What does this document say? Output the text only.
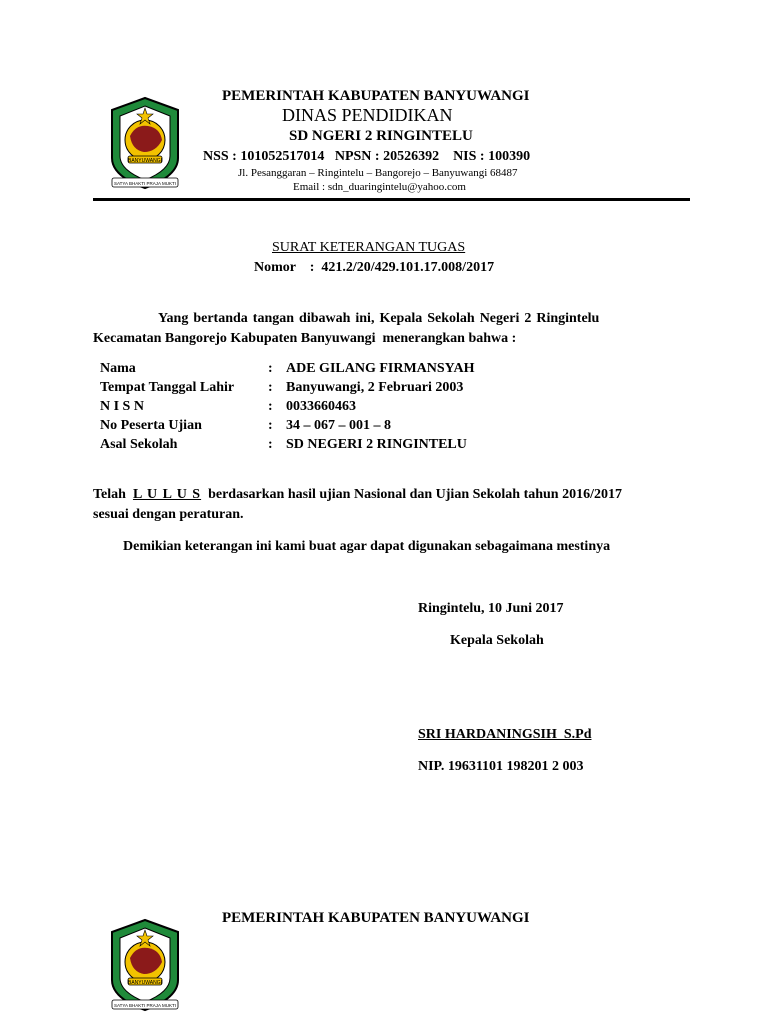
BANYUWANGI
SATYA BHAKTI PRAJA MUKTI
PEMERINTAH KABUPATEN BANYUWANGI
DINAS PENDIDIKAN
SD NGERI 2 RINGINTELU
NSS : 101052517014   NPSN : 20526392    NIS : 100390
Jl. Pesanggaran – Ringintelu – Bangorejo – Banyuwangi 68487
Email : sdn_duaringintelu@yahoo.com
SURAT KETERANGAN TUGAS
Nomor    :  421.2/20/429.101.17.008/2017
Yang bertanda tangan dibawah ini, Kepala Sekolah Negeri 2 Ringintelu
Kecamatan Bangorejo Kabupaten Banyuwangi  menerangkan bahwa :
Nama	: ADE GILANG FIRMANSYAH
Tempat Tanggal Lahir : Banyuwangi, 2 Februari 2003
N I S N	: 0033660463
No Peserta Ujian	: 34 – 067 – 001 – 8
Asal Sekolah	: SD NEGERI 2 RINGINTELU
Telah L U L U S berdasarkan hasil ujian Nasional dan Ujian Sekolah tahun 2016/2017
sesuai dengan peraturan.
Demikian keterangan ini kami buat agar dapat digunakan sebagaimana mestinya
Ringintelu, 10 Juni 2017
Kepala Sekolah
SRI HARDANINGSIH  S.Pd
NIP. 19631101 198201 2 003
PEMERINTAH KABUPATEN BANYUWANGI
BANYUWANGI
SATYA BHAKTI PRAJA MUKTI
